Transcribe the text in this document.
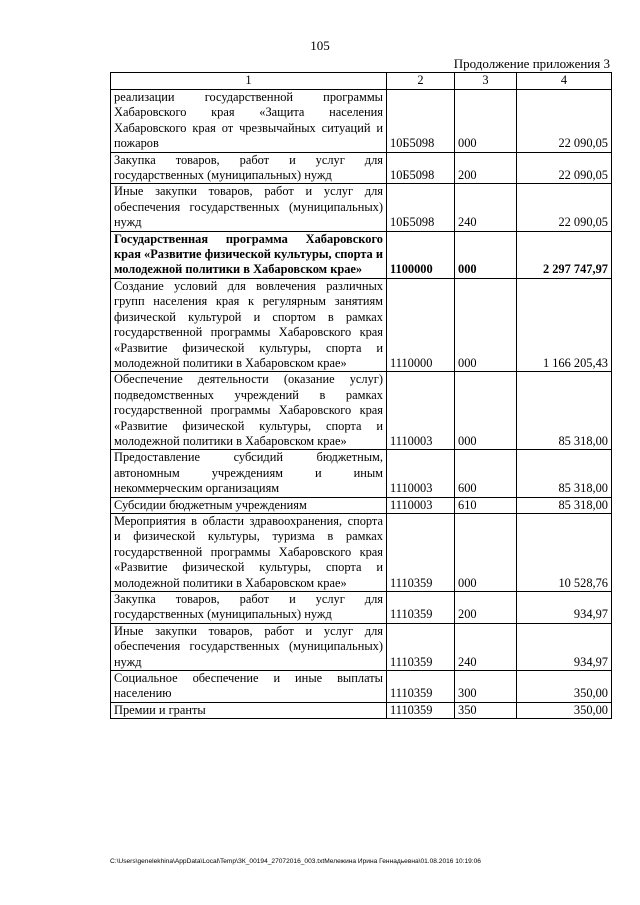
105
Продолжение приложения 3
1	2	3	4
реализации государственной программы Хабаровского края «Защита населения Хабаровского края от чрезвычайных ситуаций и пожаров	10Б5098	000	22 090,05
Закупка товаров, работ и услуг для государственных (муниципальных) нужд	10Б5098	200	22 090,05
Иные закупки товаров, работ и услуг для обеспечения государственных (муниципальных) нужд	10Б5098	240	22 090,05
Государственная программа Хабаровского края «Развитие физической культуры, спорта и молодежной политики в Хабаровском крае»	1100000	000	2 297 747,97
Создание условий для вовлечения различных групп населения края к регулярным занятиям физической культурой и спортом в рамках государственной программы Хабаровского края «Развитие физической культуры, спорта и молодежной политики в Хабаровском крае»	1110000	000	1 166 205,43
Обеспечение деятельности (оказание услуг) подведомственных учреждений в рамках государственной программы Хабаровского края «Развитие физической культуры, спорта и молодежной политики в Хабаровском крае»	1110003	000	85 318,00
Предоставление субсидий бюджетным, автономным учреждениям и иным некоммерческим организациям	1110003	600	85 318,00
Субсидии бюджетным учреждениям	1110003	610	85 318,00
Мероприятия в области здравоохранения, спорта и физической культуры, туризма в рамках государственной программы Хабаровского края «Развитие физической культуры, спорта и молодежной политики в Хабаровском крае»	1110359	000	10 528,76
Закупка товаров, работ и услуг для государственных (муниципальных) нужд	1110359	200	934,97
Иные закупки товаров, работ и услуг для обеспечения государственных (муниципальных) нужд	1110359	240	934,97
Социальное обеспечение и иные выплаты населению	1110359	300	350,00
Премии и гранты	1110359	350	350,00
C:\Users\genelekhina\AppData\Local\Temp\ЗК_00194_27072016_003.txtМележина Ирина Геннадьевна\01.08.2016 10:19:06
